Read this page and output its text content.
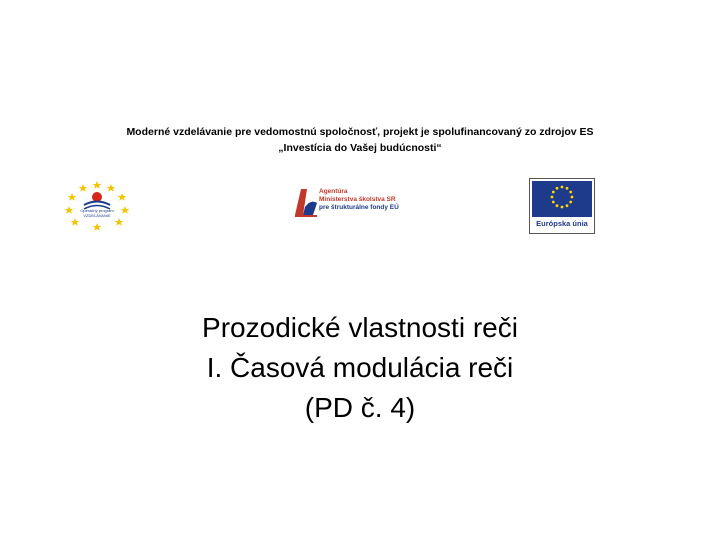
Moderné vzdelávanie pre vedomostnú spoločnosť, projekt je spolufinancovaný zo zdrojov ES
„Investícia do Vašej budúcnosti“
Operačný program
VZDELÁVANIE
Agentúra
Ministerstva školstva SR
pre štrukturálne fondy EÚ
Európska únia
Prozodické vlastnosti reči
I. Časová modulácia reči
(PD č. 4)
